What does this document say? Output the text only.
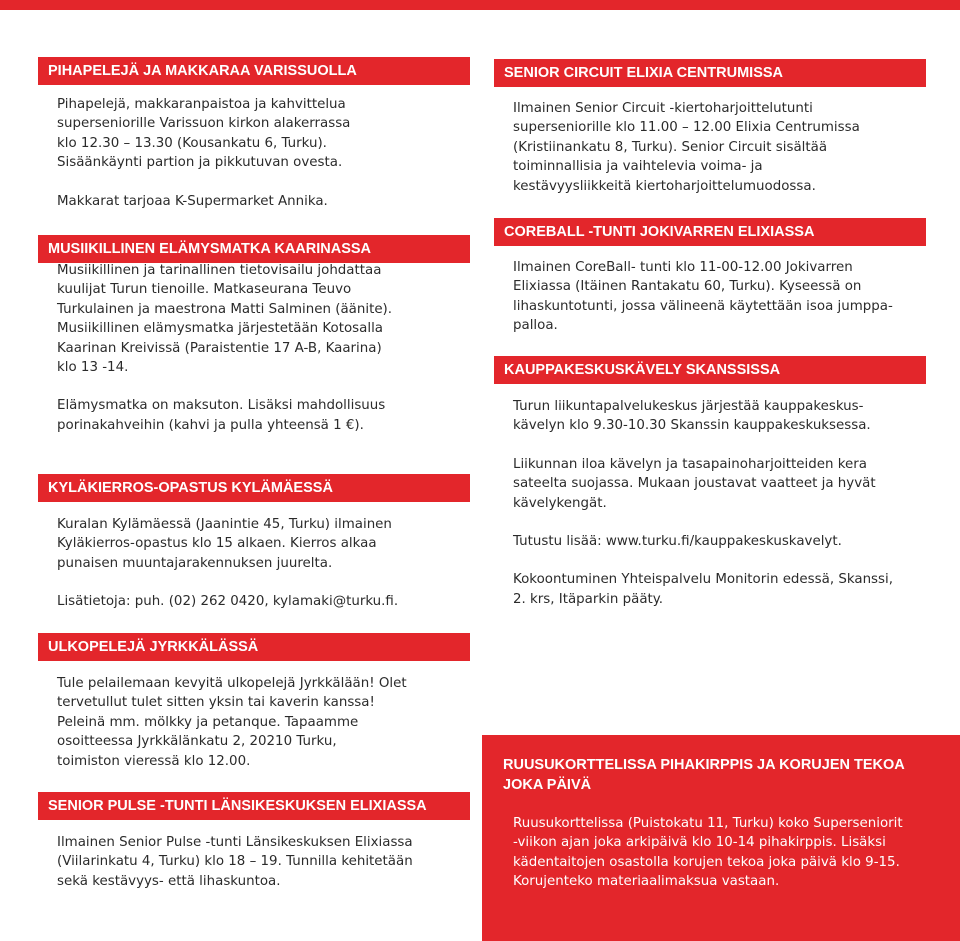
PIHAPELEJÄ JA MAKKARAA VARISSUOLLA

Pihapelejä, makkaranpaistoa ja kahvittelua
superseniorille Varissuon kirkon alakerrassa
klo 12.30 – 13.30 (Kousankatu 6, Turku).
Sisäänkäynti partion ja pikkutuvan ovesta.

Makkarat tarjoaa K-Supermarket Annika.

MUSIIKILLINEN ELÄMYSMATKA KAARINASSA

Musiikillinen ja tarinallinen tietovisailu johdattaa
kuulijat Turun tienoille. Matkaseurana Teuvo
Turkulainen ja maestrona Matti Salminen (äänite).
Musiikillinen elämysmatka järjestetään Kotosalla
Kaarinan Kreivissä (Paraistentie 17 A-B, Kaarina)
klo 13 -14.

Elämysmatka on maksuton. Lisäksi mahdollisuus
porinakahveihin (kahvi ja pulla yhteensä 1 €).

KYLÄKIERROS-OPASTUS KYLÄMÄESSÄ

Kuralan Kylämäessä (Jaanintie 45, Turku) ilmainen
Kyläkierros-opastus klo 15 alkaen. Kierros alkaa
punaisen muuntajarakennuksen juurelta.

Lisätietoja: puh. (02) 262 0420, kylamaki@turku.fi.

ULKOPELEJÄ JYRKKÄLÄSSÄ

Tule pelailemaan kevyitä ulkopelejä Jyrkkälään! Olet
tervetullut tulet sitten yksin tai kaverin kanssa!
Peleinä mm. mölkky ja petanque. Tapaamme
osoitteessa Jyrkkälänkatu 2, 20210 Turku,
toimiston vieressä klo 12.00.

SENIOR PULSE -TUNTI LÄNSIKESKUKSEN ELIXIASSA

Ilmainen Senior Pulse -tunti Länsikeskuksen Elixiassa
(Viilarinkatu 4, Turku) klo 18 – 19. Tunnilla kehitetään
sekä kestävyys- että lihaskuntoa.

SENIOR CIRCUIT ELIXIA CENTRUMISSA

Ilmainen Senior Circuit -kiertoharjoittelutunti
superseniorille klo 11.00 – 12.00 Elixia Centrumissa
(Kristiinankatu 8, Turku). Senior Circuit sisältää
toiminnallisia ja vaihtelevia voima- ja
kestävyysliikkeitä kiertoharjoittelumuodossa.

COREBALL -TUNTI JOKIVARREN ELIXIASSA

Ilmainen CoreBall- tunti klo 11-00-12.00 Jokivarren
Elixiassa (Itäinen Rantakatu 60, Turku). Kyseessä on
lihaskuntotunti, jossa välineenä käytettään isoa jumppa-
palloa.

KAUPPAKESKUSKÄVELY SKANSSISSA

Turun liikuntapalvelukeskus järjestää kauppakeskus-
kävelyn klo 9.30-10.30 Skanssin kauppakeskuksessa.

Liikunnan iloa kävelyn ja tasapainoharjoitteiden kera
sateelta suojassa. Mukaan joustavat vaatteet ja hyvät
kävelykengät.

Tutustu lisää: www.turku.fi/kauppakeskuskavelyt.

Kokoontuminen Yhteispalvelu Monitorin edessä, Skanssi,
2. krs, Itäparkin pääty.

RUUSUKORTTELISSA PIHAKIRPPIS JA KORUJEN TEKOA
JOKA PÄIVÄ
Ruusukorttelissa (Puistokatu 11, Turku) koko Superseniorit
-viikon ajan joka arkipäivä klo 10-14 pihakirppis. Lisäksi
kädentaitojen osastolla korujen tekoa joka päivä klo 9-15.
Korujenteko materiaalimaksua vastaan.
